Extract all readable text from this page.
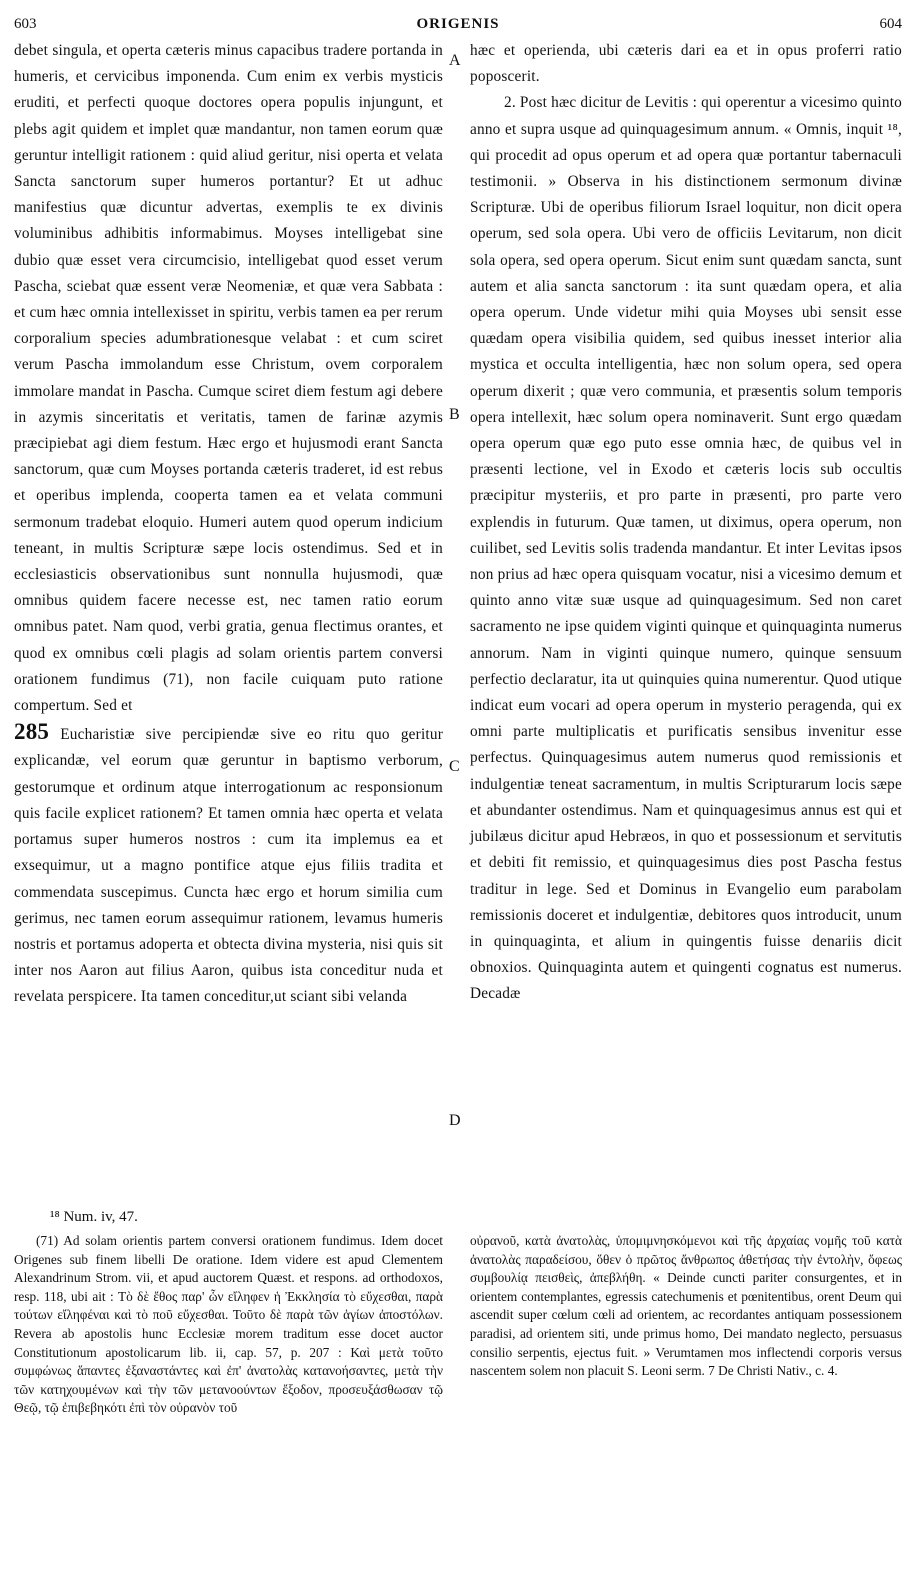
603	ORIGENIS	604

debet singula, et operta cæteris minus capacibus tradere portanda in humeris, et cervicibus imponenda. Cum enim ex verbis mysticis eruditi, et perfecti quoque doctores opera populis injungunt, et plebs agit quidem et implet quæ mandantur, non tamen eorum quæ geruntur intelligit rationem : quid aliud geritur, nisi operta et velata Sancta sanctorum super humeros portantur? Et ut adhuc manifestius quæ dicuntur advertas, exemplis te ex divinis voluminibus adhibitis informabimus. Moyses intelligebat sine dubio quæ esset vera circumcisio, intelligebat quod esset verum Pascha, sciebat quæ essent veræ Neomeniæ, et quæ vera Sabbata : et cum hæc omnia intellexisset in spiritu, verbis tamen ea per rerum corporalium species adumbrationesque velabat : et cum sciret verum Pascha immolandum esse Christum, ovem corporalem immolare mandat in Pascha. Cumque sciret diem festum agi debere in azymis sinceritatis et veritatis, tamen de farinæ azymis præcipiebat agi diem festum. Hæc ergo et hujusmodi erant Sancta sanctorum, quæ cum Moyses portanda cæteris traderet, id est rebus et operibus implenda, cooperta tamen ea et velata communi sermonum tradebat eloquio. Humeri autem quod operum indicium teneant, in multis Scripturæ sæpe locis ostendimus. Sed et in ecclesiasticis observationibus sunt nonnulla hujusmodi, quæ omnibus quidem facere necesse est, nec tamen ratio eorum omnibus patet. Nam quod, verbi gratia, genua flectimus orantes, et quod ex omnibus cœli plagis ad solam orientis partem conversi orationem fundimus (71), non facile cuiquam puto ratione compertum. Sed et

285 Eucharistiæ sive percipiendæ sive eo ritu quo geritur explicandæ, vel eorum quæ geruntur in baptismo verborum, gestorumque et ordinum atque interrogationum ac responsionum quis facile explicet rationem? Et tamen omnia hæc operta et velata portamus super humeros nostros : cum ita implemus ea et exsequimur, ut a magno pontifice atque ejus filiis tradita et commendata suscepimus. Cuncta hæc ergo et horum similia cum gerimus, nec tamen eorum assequimur rationem, levamus humeris nostris et portamus adoperta et obtecta divina mysteria, nisi quis sit inter nos Aaron aut filius Aaron, quibus ista conceditur nuda et revelata perspicere. Ita tamen conceditur,ut sciant sibi velanda

A
B
C
D

hæc et operienda, ubi cæteris dari ea et in opus proferri ratio poposcerit.

2. Post hæc dicitur de Levitis : qui operentur a vicesimo quinto anno et supra usque ad quinquagesimum annum. « Omnis, inquit ¹⁸, qui procedit ad opus operum et ad opera quæ portantur tabernaculi testimonii. » Observa in his distinctionem sermonum divinæ Scripturæ. Ubi de operibus filiorum Israel loquitur, non dicit opera operum, sed sola opera. Ubi vero de officiis Levitarum, non dicit sola opera, sed opera operum. Sicut enim sunt quædam sancta, sunt autem et alia sancta sanctorum : ita sunt quædam opera, et alia opera operum. Unde videtur mihi quia Moyses ubi sensit esse quædam opera visibilia quidem, sed quibus inesset interior alia mystica et occulta intelligentia, hæc non solum opera, sed opera operum dixerit ; quæ vero communia, et præsentis solum temporis opera intellexit, hæc solum opera nominaverit. Sunt ergo quædam opera operum quæ ego puto esse omnia hæc, de quibus vel in præsenti lectione, vel in Exodo et cæteris locis sub occultis præcipitur mysteriis, et pro parte in præsenti, pro parte vero explendis in futurum. Quæ tamen, ut diximus, opera operum, non cuilibet, sed Levitis solis tradenda mandantur. Et inter Levitas ipsos non prius ad hæc opera quisquam vocatur, nisi a vicesimo demum et quinto anno vitæ suæ usque ad quinquagesimum. Sed non caret sacramento ne ipse quidem viginti quinque et quinquaginta numerus annorum. Nam in viginti quinque numero, quinque sensuum perfectio declaratur, ita ut quinquies quina numerentur. Quod utique indicat eum vocari ad opera operum in mysterio peragenda, qui ex omni parte multiplicatis et purificatis sensibus invenitur esse perfectus. Quinquagesimus autem numerus quod remissionis et indulgentiæ teneat sacramentum, in multis Scripturarum locis sæpe et abundanter ostendimus. Nam et quinquagesimus annus est qui et jubilæus dicitur apud Hebræos, in quo et possessionum et servitutis et debiti fit remissio, et quinquagesimus dies post Pascha festus traditur in lege. Sed et Dominus in Evangelio eum parabolam remissionis doceret et indulgentiæ, debitores quos introducit, unum in quinquaginta, et alium in quingentis fuisse denariis dicit obnoxios. Quinquaginta autem et quingenti cognatus est numerus. Decadæ

¹⁸ Num. iv, 47.

(71) Ad solam orientis partem conversi orationem fundimus. Idem docet Origenes sub finem libelli De oratione. Idem videre est apud Clementem Alexandrinum Strom. vii, et apud auctorem Quæst. et respons. ad orthodoxos, resp. 118, ubi ait : Τὸ δὲ ἔθος παρ' ὧν εἴληφεν ἡ Ἐκκλησία τὸ εὔχεσθαι, παρὰ τούτων εἴληφέναι καὶ τὸ ποῦ εὔχεσθαι. Τοῦτο δὲ παρὰ τῶν ἁγίων ἀποστόλων. Revera ab apostolis hunc Ecclesiæ morem traditum esse docet auctor Constitutionum apostolicarum lib. ii, cap. 57, p. 207 : Καὶ μετὰ τοῦτο συμφώνως ἅπαντες ἐξαναστάντες καὶ ἐπ' ἀνατολὰς κατανοήσαντες, μετὰ τὴν τῶν κατηχουμένων καὶ τὴν τῶν μετανοούντων ἔξοδον, προσευξάσθωσαν τῷ Θεῷ, τῷ ἐπιβεβηκότι ἐπὶ τὸν οὐρανὸν τοῦ

οὐρανοῦ, κατὰ ἀνατολὰς, ὑπομιμνησκόμενοι καὶ τῆς ἀρχαίας νομῆς τοῦ κατὰ ἀνατολὰς παραδείσου, ὅθεν ὁ πρῶτος ἄνθρωπος ἀθετήσας τὴν ἐντολὴν, ὄφεως συμβουλίᾳ πεισθεὶς, ἀπεβλήθη. « Deinde cuncti pariter consurgentes, et in orientem contemplantes, egressis catechumenis et pœnitentibus, orent Deum qui ascendit super cœlum cœli ad orientem, ac recordantes antiquam possessionem paradisi, ad orientem siti, unde primus homo, Dei mandato neglecto, persuasus consilio serpentis, ejectus fuit. » Verumtamen mos inflectendi corporis versus nascentem solem non placuit S. Leoni serm. 7 De Christi Nativ., c. 4.
